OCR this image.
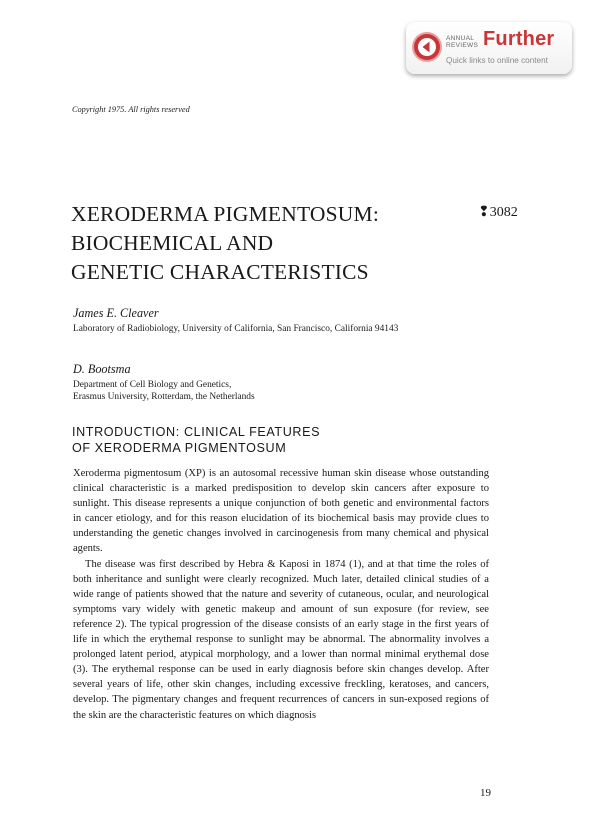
ANNUAL
REVIEWS Further
Quick links to online content
Copyright 1975. All rights reserved
XERODERMA PIGMENTOSUM:
BIOCHEMICAL AND
GENETIC CHARACTERISTICS
❢3082
James E. Cleaver
Laboratory of Radiobiology, University of California, San Francisco, California 94143
D. Bootsma
Department of Cell Biology and Genetics,
Erasmus University, Rotterdam, the Netherlands
INTRODUCTION: CLINICAL FEATURES
OF XERODERMA PIGMENTOSUM

Xeroderma pigmentosum (XP) is an autosomal recessive human skin disease whose outstanding clinical characteristic is a marked predisposition to develop skin cancers after exposure to sunlight. This disease represents a unique conjunction of both genetic and environmental factors in cancer etiology, and for this reason elucidation of its biochemical basis may provide clues to understanding the genetic changes involved in carcinogenesis from many chemical and physical agents.

The disease was first described by Hebra & Kaposi in 1874 (1), and at that time the roles of both inheritance and sunlight were clearly recognized. Much later, detailed clinical studies of a wide range of patients showed that the nature and severity of cutaneous, ocular, and neurological symptoms vary widely with genetic makeup and amount of sun exposure (for review, see reference 2). The typical progression of the disease consists of an early stage in the first years of life in which the erythemal response to sunlight may be abnormal. The abnormality involves a prolonged latent period, atypical morphology, and a lower than normal minimal erythemal dose (3). The erythemal response can be used in early diagnosis before skin changes develop. After several years of life, other skin changes, including excessive freckling, keratoses, and cancers, develop. The pigmentary changes and frequent recurrences of cancers in sun-exposed regions of the skin are the characteristic features on which diagnosis

19
